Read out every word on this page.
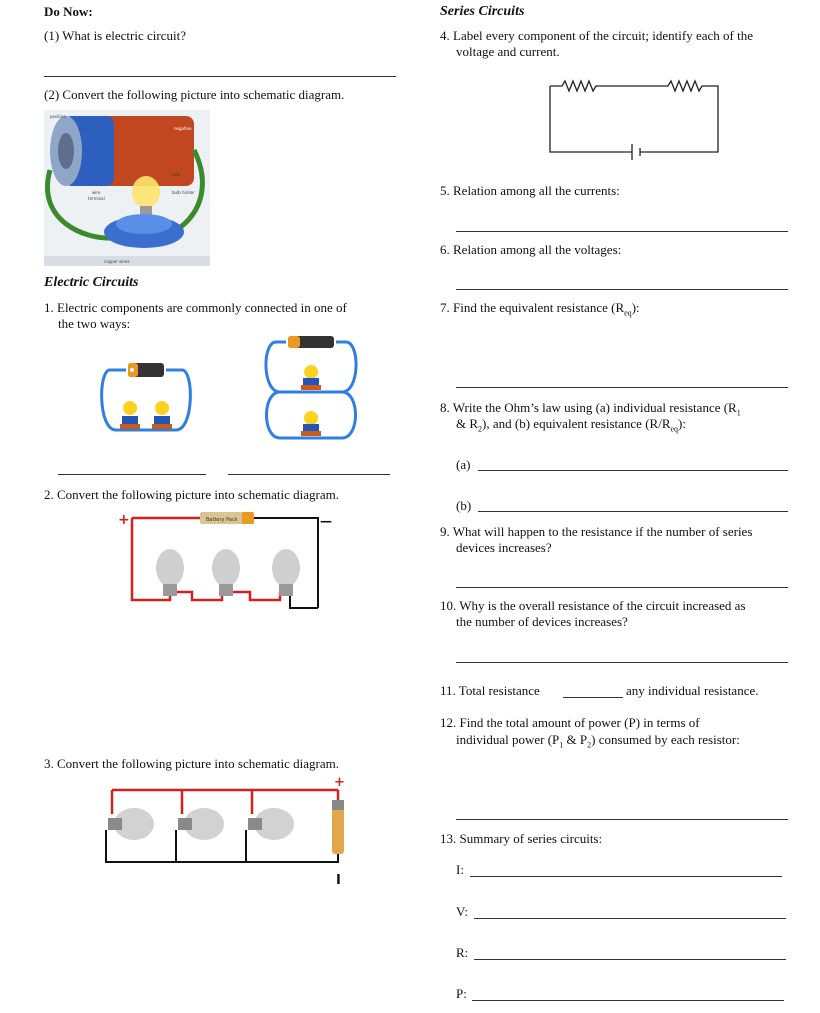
Do Now:
(1) What is electric circuit?
(2) Convert the following picture into schematic diagram.
negative
bulb
bulb holder
wire
positive
terminal
copper wires
Electric Circuits
1. Electric components are commonly connected in one of
the two ways:
2. Convert the following picture into schematic diagram.
+	—
Battery Pack
3. Convert the following picture into schematic diagram.
+
I
Series Circuits
4. Label every component of the circuit; identify each of the
voltage and current.
5. Relation among all the currents:
6. Relation among all the voltages:
7. Find the equivalent resistance $(R_{eq})$:
8. Write the Ohm’s law using (a) individual resistance ($R_1$
& $R_2$), and (b) equivalent resistance $(R/R_{eq})$:
(a)
(b)
9. What will happen to the resistance if the number of series
devices increases?
10. Why is the overall resistance of the circuit increased as
the number of devices increases?
11. Total resistance	any individual resistance.
12. Find the total amount of power (P) in terms of
individual power ($P_1$ & $P_2$) consumed by each resistor:
13. Summary of series circuits:
I:
V:
R:
P:
